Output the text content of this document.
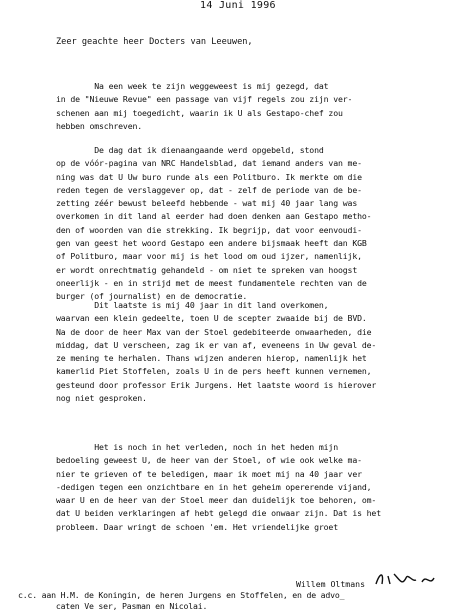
14 Juni 1996
Zeer geachte heer Docters van Leeuwen,
Na een week te zijn weggeweest is mij gezegd, dat
in de "Nieuwe Revue" een passage van vijf regels zou zijn ver-
schenen aan mij toegedicht, waarin ik U als Gestapo-chef zou
hebben omschreven.
De dag dat ik dienaangaande werd opgebeld, stond
op de vóór-pagina van NRC Handelsblad, dat iemand anders van me-
ning was dat U Uw buro runde als een Politburo. Ik merkte om die
reden tegen de verslaggever op, dat - zelf de periode van de be-
zetting zéér bewust beleefd hebbende - wat mij 40 jaar lang was
overkomen in dit land al eerder had doen denken aan Gestapo metho-
den of woorden van die strekking. Ik begrijp, dat voor eenvoudi-
gen van geest het woord Gestapo een andere bijsmaak heeft dan KGB
of Politburo, maar voor mij is het lood om oud ijzer, namenlijk,
er wordt onrechtmatig gehandeld - om niet te spreken van hoogst
oneerlijk - en in strijd met de meest fundamentele rechten van de
burger (of journalist) en de democratie.
Dit laatste is mij 40 jaar in dit land overkomen,
waarvan een klein gedeelte, toen U de scepter zwaaide bij de BVD.
Na de door de heer Max van der Stoel gedebiteerde onwaarheden, die
middag, dat U verscheen, zag ik er van af, eveneens in Uw geval de-
ze mening te herhalen. Thans wijzen anderen hierop, namenlijk het
kamerlid Piet Stoffelen, zoals U in de pers heeft kunnen vernemen,
gesteund door professor Erik Jurgens. Het laatste woord is hierover
nog niet gesproken.
Het is noch in het verleden, noch in het heden mijn
bedoeling geweest U, de heer van der Stoel, of wie ook welke ma-
nier te grieven of te beledigen, maar ik moet mij na 40 jaar ver
-dedigen tegen een onzichtbare en in het geheim opererende vijand,
waar U en de heer van der Stoel meer dan duidelijk toe behoren, om-
dat U beiden verklaringen af hebt gelegd die onwaar zijn. Dat is het
probleem. Daar wringt de schoen 'em. Het vriendelijke groet
Willem Oltmans
c.c. aan H.M. de Koningin, de heren Jurgens en Stoffelen, en de advo_
caten Ve ser, Pasman en Nicolai.
